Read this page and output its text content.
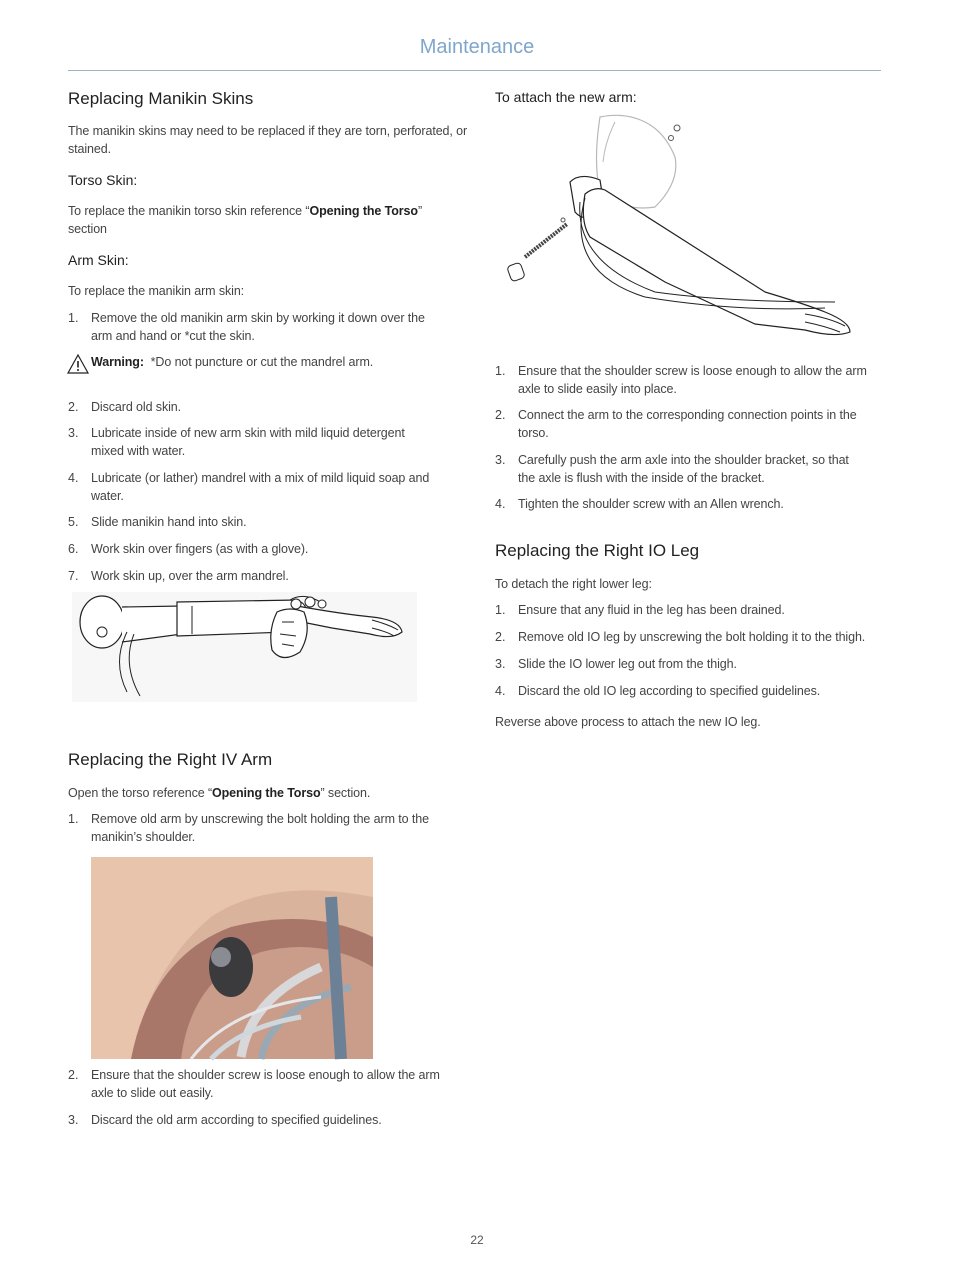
Maintenance
Replacing Manikin Skins
The manikin skins may need to be replaced if they are torn, perforated, or stained.
Torso Skin:
To replace the manikin torso skin reference “Opening the Torso”
section
Arm Skin:
To replace the manikin arm skin:
1. Remove the old manikin arm skin by working it down over the
arm and hand or *cut the skin.
Warning: *Do not puncture or cut the mandrel arm.
2. Discard old skin.
3. Lubricate inside of new arm skin with mild liquid detergent
mixed with water.
4. Lubricate (or lather) mandrel with a mix of mild liquid soap and
water.
5. Slide manikin hand into skin.
6. Work skin over fingers (as with a glove).
7. Work skin up, over the arm mandrel.
Replacing the Right IV Arm
Open the torso reference “Opening the Torso” section.
1. Remove old arm by unscrewing the bolt holding the arm to the
manikin’s shoulder.
2. Ensure that the shoulder screw is loose enough to allow the arm
axle to slide out easily.
3. Discard the old arm according to specified guidelines.
To attach the new arm:
1. Ensure that the shoulder screw is loose enough to allow the arm
axle to slide easily into place.
2. Connect the arm to the corresponding connection points in the
torso.
3. Carefully push the arm axle into the shoulder bracket, so that
the axle is flush with the inside of the bracket.
4. Tighten the shoulder screw with an Allen wrench.
Replacing the Right IO Leg
To detach the right lower leg:
1. Ensure that any fluid in the leg has been drained.
2. Remove old IO leg by unscrewing the bolt holding it to the thigh.
3. Slide the IO lower leg out from the thigh.
4. Discard the old IO leg according to specified guidelines.
Reverse above process to attach the new IO leg.
22
